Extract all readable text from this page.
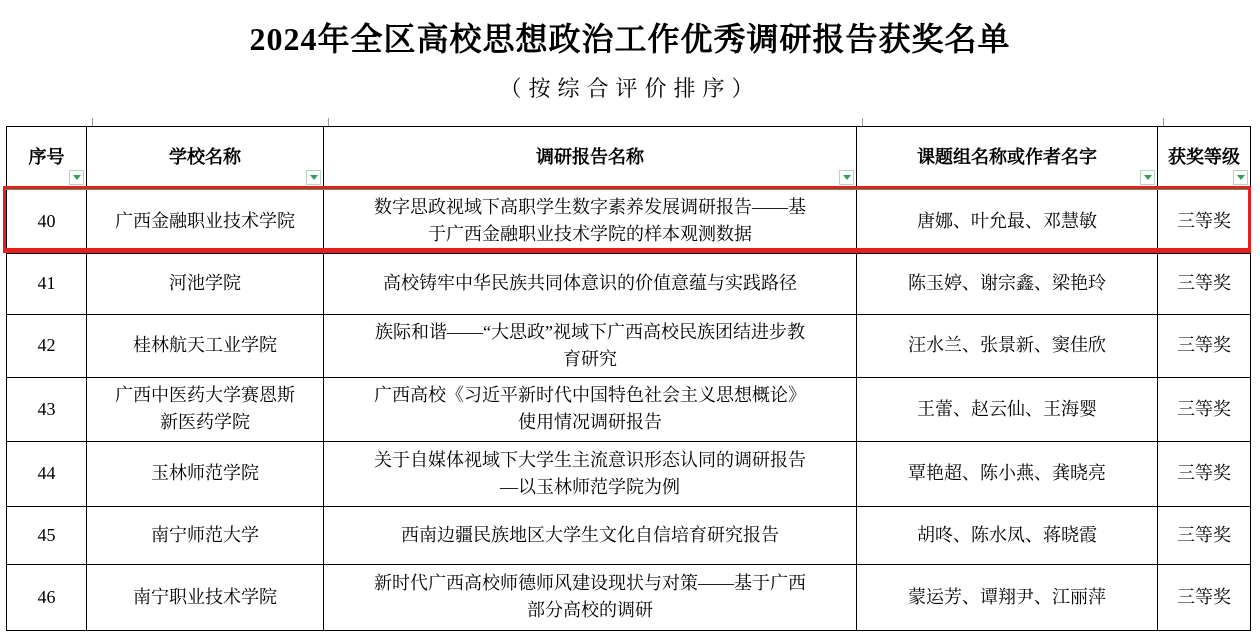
2024年全区高校思想政治工作优秀调研报告获奖名单
（按综合评价排序）
序号	学校名称	调研报告名称	课题组名称或作者名字	获奖等级

40	广西金融职业技术学院	数字思政视域下高职学生数字素养发展调研报告——基于广西金融职业技术学院的样本观测数据	唐娜、叶允最、邓慧敏	三等奖
41	河池学院	高校铸牢中华民族共同体意识的价值意蕴与实践路径	陈玉婷、谢宗鑫、梁艳玲	三等奖
42	桂林航天工业学院	族际和谐——“大思政”视域下广西高校民族团结进步教育研究	汪水兰、张景新、窦佳欣	三等奖
43	广西中医药大学赛恩斯新医药学院	广西高校《习近平新时代中国特色社会主义思想概论》使用情况调研报告	王蕾、赵云仙、王海婴	三等奖
44	玉林师范学院	关于自媒体视域下大学生主流意识形态认同的调研报告—以玉林师范学院为例	覃艳超、陈小燕、龚晓亮	三等奖
45	南宁师范大学	西南边疆民族地区大学生文化自信培育研究报告	胡咚、陈水凤、蒋晓霞	三等奖
46	南宁职业技术学院	新时代广西高校师德师风建设现状与对策——基于广西部分高校的调研	蒙运芳、谭翔尹、江丽萍	三等奖
